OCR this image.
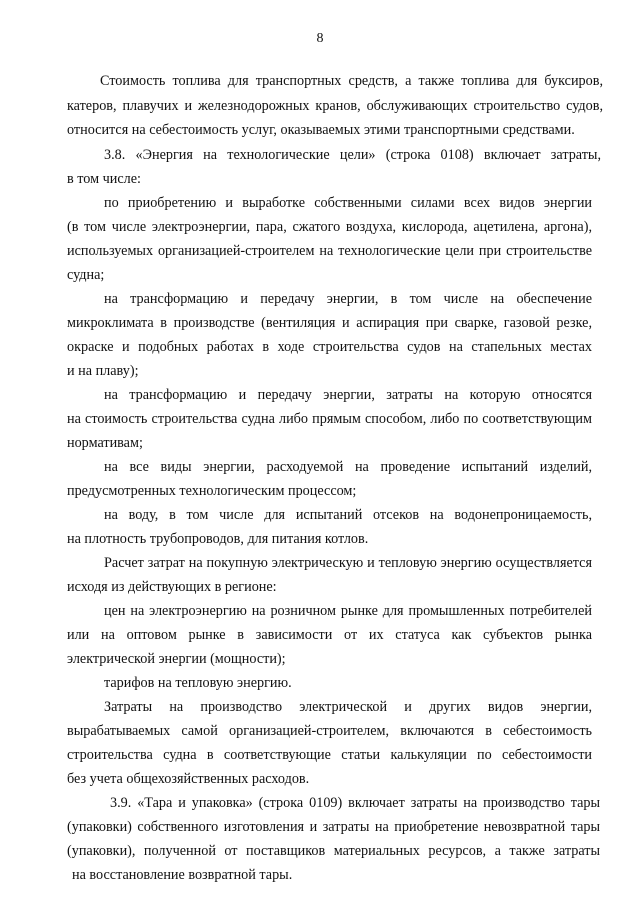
8
Стоимость топлива для транспортных средств, а также топлива для буксиров,
катеров, плавучих и железнодорожных кранов, обслуживающих строительство судов,
относится на себестоимость услуг, оказываемых этими транспортными средствами.
3.8. «Энергия на технологические цели» (строка 0108) включает затраты,
в том числе:
по приобретению и выработке собственными силами всех видов энергии
(в том числе электроэнергии, пара, сжатого воздуха, кислорода, ацетилена, аргона),
используемых организацией-строителем на технологические цели при строительстве
судна;
на трансформацию и передачу энергии, в том числе на обеспечение
микроклимата в производстве (вентиляция и аспирация при сварке, газовой резке,
окраске и подобных работах в ходе строительства судов на стапельных местах
и на плаву);
на трансформацию и передачу энергии, затраты на которую относятся
на стоимость строительства судна либо прямым способом, либо по соответствующим
нормативам;
на все виды энергии, расходуемой на проведение испытаний изделий,
предусмотренных технологическим процессом;
на воду, в том числе для испытаний отсеков на водонепроницаемость,
на плотность трубопроводов, для питания котлов.
Расчет затрат на покупную электрическую и тепловую энергию осуществляется
исходя из действующих в регионе:
цен на электроэнергию на розничном рынке для промышленных потребителей
или на оптовом рынке в зависимости от их статуса как субъектов рынка
электрической энергии (мощности);
тарифов на тепловую энергию.
Затраты на производство электрической и других видов энергии,
вырабатываемых самой организацией-строителем, включаются в себестоимость
строительства судна в соответствующие статьи калькуляции по себестоимости
без учета общехозяйственных расходов.
3.9. «Тара и упаковка» (строка 0109) включает затраты на производство тары
(упаковки) собственного изготовления и затраты на приобретение невозвратной тары
(упаковки), полученной от поставщиков материальных ресурсов, а также затраты
на восстановление возвратной тары.
